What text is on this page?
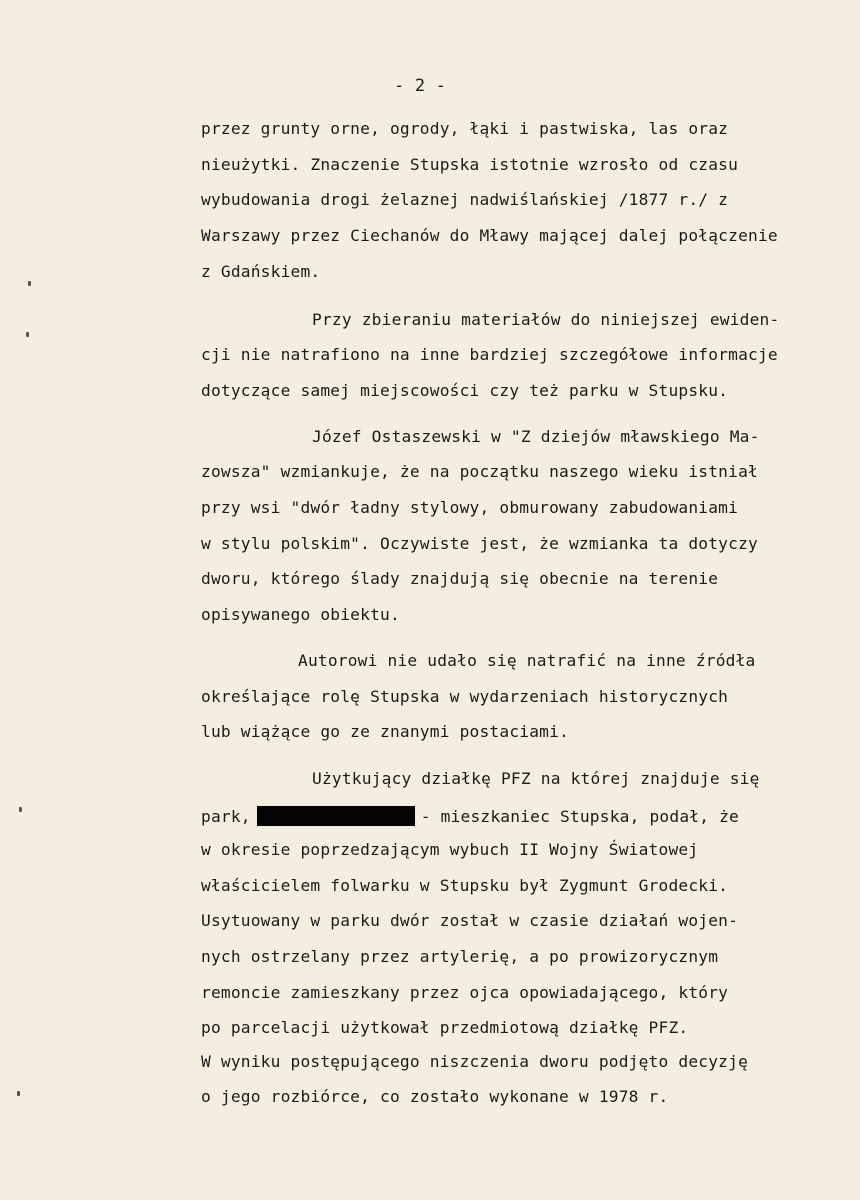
- 2 -
przez grunty orne, ogrody, łąki i pastwiska, las oraz
nieużytki. Znaczenie Stupska istotnie wzrosło od czasu
wybudowania drogi żelaznej nadwiślańskiej /1877 r./ z
Warszawy przez Ciechanów do Mławy mającej dalej połączenie
z Gdańskiem.
Przy zbieraniu materiałów do niniejszej ewiden-
cji nie natrafiono na inne bardziej szczegółowe informacje
dotyczące samej miejscowości czy też parku w Stupsku.
Józef Ostaszewski w "Z dziejów mławskiego Ma-
zowsza" wzmiankuje, że na początku naszego wieku istniał
przy wsi "dwór ładny stylowy, obmurowany zabudowaniami
w stylu polskim". Oczywiste jest, że wzmianka ta dotyczy
dworu, którego ślady znajdują się obecnie na terenie
opisywanego obiektu.
Autorowi nie udało się natrafić na inne źródła
określające rolę Stupska w wydarzeniach historycznych
lub wiążące go ze znanymi postaciami.
Użytkujący działkę PFZ na której znajduje się
park,	- mieszkaniec Stupska, podał, że
w okresie poprzedzającym wybuch II Wojny Światowej
właścicielem folwarku w Stupsku był Zygmunt Grodecki.
Usytuowany w parku dwór został w czasie działań wojen-
nych ostrzelany przez artylerię, a po prowizorycznym
remoncie zamieszkany przez ojca opowiadającego, który
po parcelacji użytkował przedmiotową działkę PFZ.
W wyniku postępującego niszczenia dworu podjęto decyzję
o jego rozbiórce, co zostało wykonane w 1978 r.
